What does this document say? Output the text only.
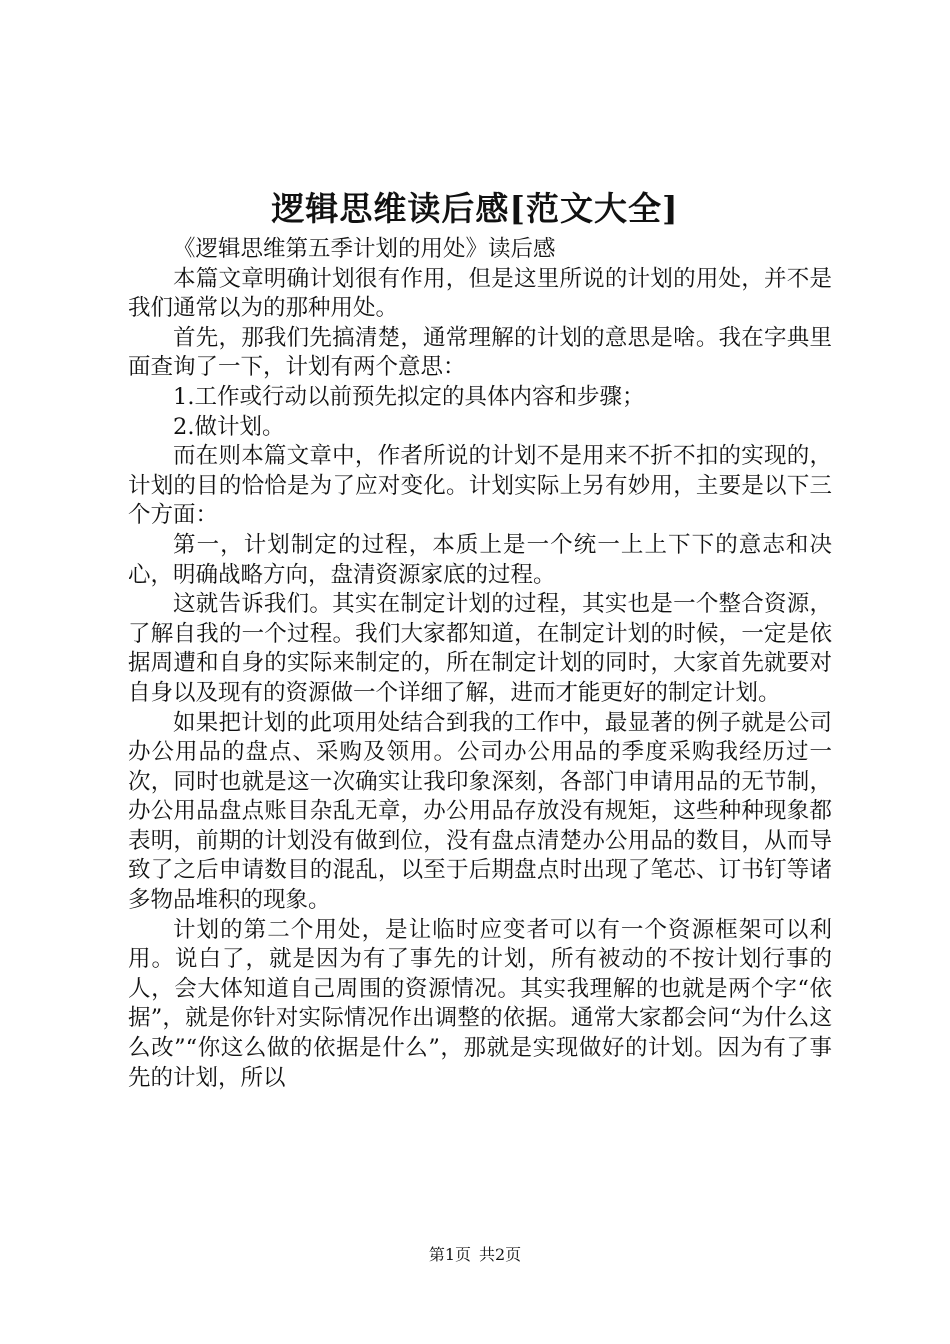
逻辑思维读后感[范文大全]

《逻辑思维第五季计划的用处》读后感

本篇文章明确计划很有作用，但是这里所说的计划的用处，并不是我们通常以为的那种用处。

首先，那我们先搞清楚，通常理解的计划的意思是啥。我在字典里面查询了一下，计划有两个意思：

1.工作或行动以前预先拟定的具体内容和步骤；

2.做计划。

而在则本篇文章中，作者所说的计划不是用来不折不扣的实现的，计划的目的恰恰是为了应对变化。计划实际上另有妙用，主要是以下三个方面：

第一，计划制定的过程，本质上是一个统一上上下下的意志和决心，明确战略方向，盘清资源家底的过程。

这就告诉我们。其实在制定计划的过程，其实也是一个整合资源，了解自我的一个过程。我们大家都知道，在制定计划的时候，一定是依据周遭和自身的实际来制定的，所在制定计划的同时，大家首先就要对自身以及现有的资源做一个详细了解，进而才能更好的制定计划。

如果把计划的此项用处结合到我的工作中，最显著的例子就是公司办公用品的盘点、采购及领用。公司办公用品的季度采购我经历过一次，同时也就是这一次确实让我印象深刻，各部门申请用品的无节制，办公用品盘点账目杂乱无章，办公用品存放没有规矩，这些种种现象都表明，前期的计划没有做到位，没有盘点清楚办公用品的数目，从而导致了之后申请数目的混乱，以至于后期盘点时出现了笔芯、订书钉等诸多物品堆积的现象。

计划的第二个用处，是让临时应变者可以有一个资源框架可以利用。说白了，就是因为有了事先的计划，所有被动的不按计划行事的人，会大体知道自己周围的资源情况。其实我理解的也就是两个字“依据”，就是你针对实际情况作出调整的依据。通常大家都会问“为什么这么改”“你这么做的依据是什么”，那就是实现做好的计划。因为有了事先的计划，所以

第1页 共2页
